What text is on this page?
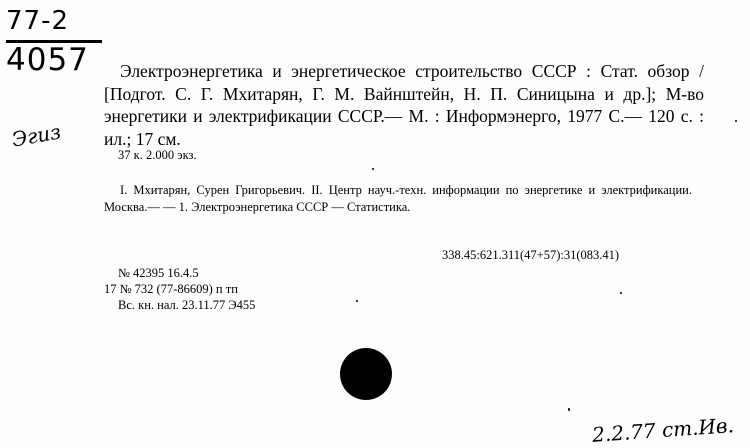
77-2
4057
Эгиз
Электроэнергетика и энергетическое строительство СССР : Стат. обзор / [Подгот. С. Г. Мхитарян, Г. М. Вайнштейн, Н. П. Синицына и др.]; М-во энергетики и электрификации СССР.— М. : Информэнерго, 1977 С.— 120 с. : ил.; 17 см.
37 к. 2.000 экз.
I. Мхитарян, Сурен Григорьевич. II. Центр науч.-техн. информации по энергетике и электрификации. Москва.— — 1. Электроэнергетика СССР — Статистика.
338.45:621.311(47+57):31(083.41)
№ 42395 16.4.5
17 № 732 (77-86609) п тп
Вс. кн. нал. 23.11.77 Э455
2.2.77 ст.Ив.
